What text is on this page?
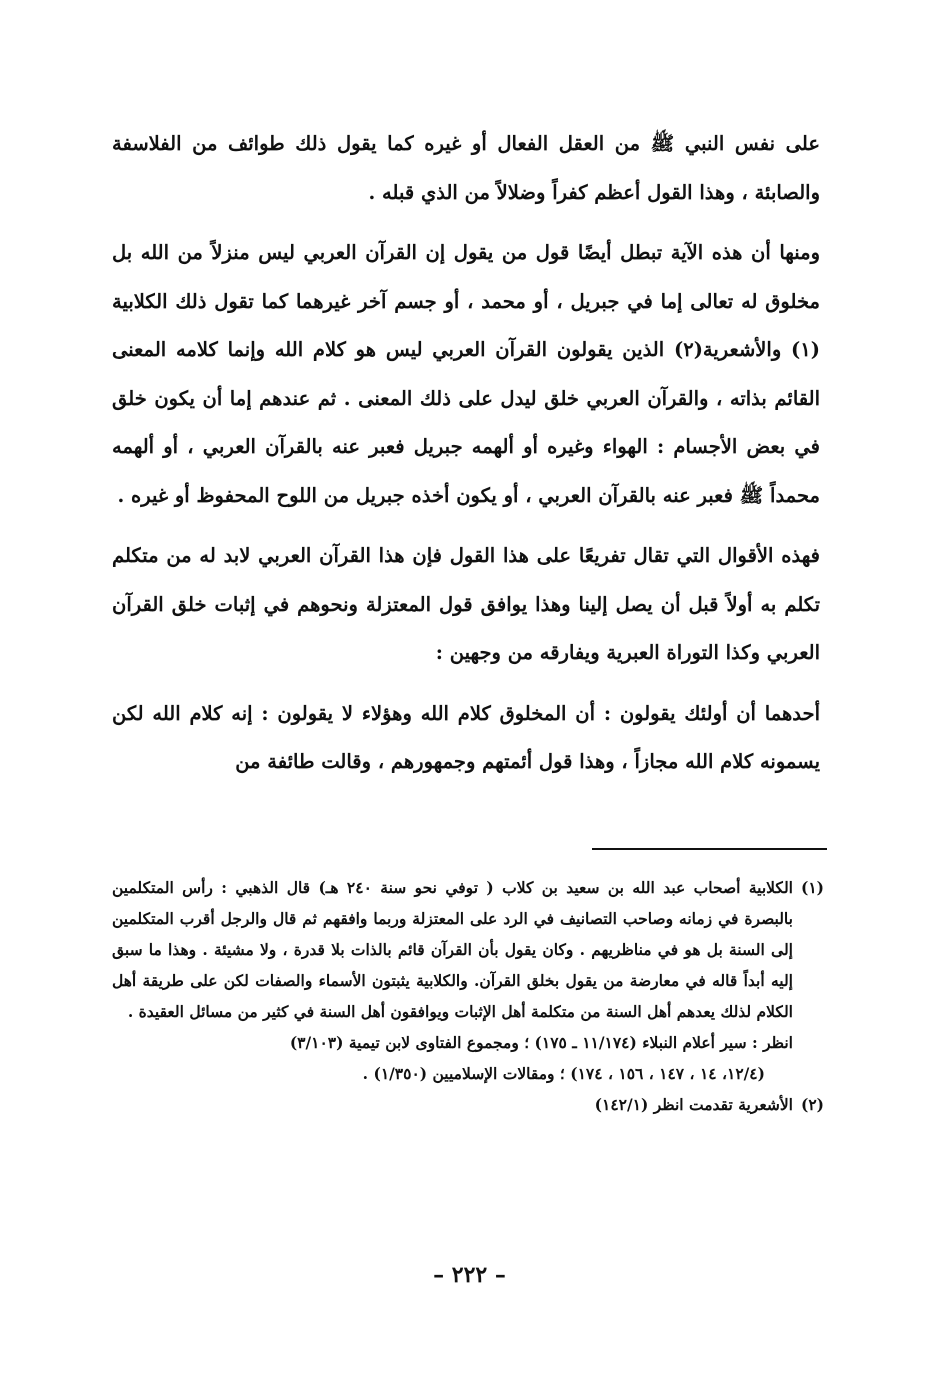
على نفس النبي ﷺ من العقل الفعال أو غيره كما يقول ذلك طوائف من الفلاسفة والصابئة ، وهذا القول أعظم كفراً وضلالاً من الذي قبله .

ومنها أن هذه الآية تبطل أيضًا قول من يقول إن القرآن العربي ليس منزلاً من الله بل مخلوق له تعالى إما في جبريل ، أو محمد ، أو جسم آخر غيرهما كما تقول ذلك الكلابية (١) والأشعرية(٢) الذين يقولون القرآن العربي ليس هو كلام الله وإنما كلامه المعنى القائم بذاته ، والقرآن العربي خلق ليدل على ذلك المعنى . ثم عندهم إما أن يكون خلق في بعض الأجسام : الهواء وغيره أو ألهمه جبريل فعبر عنه بالقرآن العربي ، أو ألهمه محمداً ﷺ فعبر عنه بالقرآن العربي ، أو يكون أخذه جبريل من اللوح المحفوظ أو غيره .

فهذه الأقوال التي تقال تفريعًا على هذا القول فإن هذا القرآن العربي لابد له من متكلم تكلم به أولاً قبل أن يصل إلينا وهذا يوافق قول المعتزلة ونحوهم في إثبات خلق القرآن العربي وكذا التوراة العبرية ويفارقه من وجهين :

أحدهما أن أولئك يقولون : أن المخلوق كلام الله وهؤلاء لا يقولون : إنه كلام الله لكن يسمونه كلام الله مجازاً ، وهذا قول أئمتهم وجمهورهم ، وقالت طائفة من

(١)
الكلابية أصحاب عبد الله بن سعيد بن كلاب ( توفي نحو سنة ٢٤٠ هـ) قال الذهبي : رأس المتكلمين بالبصرة في زمانه وصاحب التصانيف في الرد على المعتزلة وربما وافقهم ثم قال والرجل أقرب المتكلمين إلى السنة بل هو في مناظريهم . وكان يقول بأن القرآن قائم بالذات بلا قدرة ، ولا مشيئة . وهذا ما سبق إليه أبداً قاله في معارضة من يقول بخلق القرآن. والكلابية يثبتون الأسماء والصفات لكن على طريقة أهل الكلام لذلك يعدهم أهل السنة من متكلمة أهل الإثبات ويوافقون أهل السنة في كثير من مسائل العقيدة .
انظر : سير أعلام النبلاء (١١/١٧٤ ـ ١٧٥) ؛ ومجموع الفتاوى لابن تيمية (٣/١٠٣)
(١٢/٤، ١٤ ، ١٤٧ ، ١٥٦ ، ١٧٤) ؛ ومقالات الإسلاميين (١/٣٥٠) .
(٢)
الأشعرية تقدمت انظر (١٤٢/١)
– ٢٢٢ –
